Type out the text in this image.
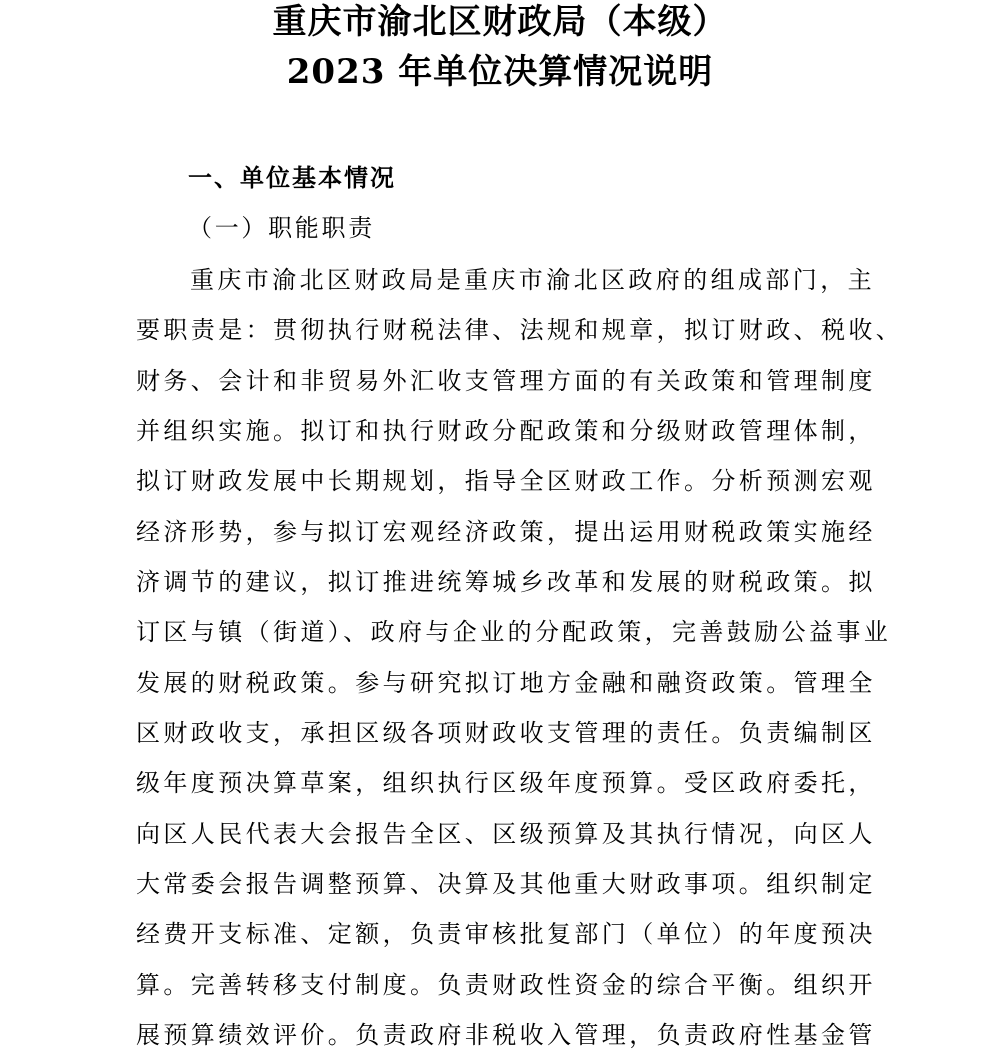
重庆市渝北区财政局（本级）
2023 年单位决算情况说明
一、单位基本情况
（一）职能职责
重庆市渝北区财政局是重庆市渝北区政府的组成部门，主
要职责是：贯彻执行财税法律、法规和规章，拟订财政、税收、
财务、会计和非贸易外汇收支管理方面的有关政策和管理制度
并组织实施。拟订和执行财政分配政策和分级财政管理体制，
拟订财政发展中长期规划，指导全区财政工作。分析预测宏观
经济形势，参与拟订宏观经济政策，提出运用财税政策实施经
济调节的建议，拟订推进统筹城乡改革和发展的财税政策。拟
订区与镇（街道）、政府与企业的分配政策，完善鼓励公益事业
发展的财税政策。参与研究拟订地方金融和融资政策。管理全
区财政收支，承担区级各项财政收支管理的责任。负责编制区
级年度预决算草案，组织执行区级年度预算。受区政府委托，
向区人民代表大会报告全区、区级预算及其执行情况，向区人
大常委会报告调整预算、决算及其他重大财政事项。组织制定
经费开支标准、定额，负责审核批复部门（单位）的年度预决
算。完善转移支付制度。负责财政性资金的综合平衡。组织开
展预算绩效评价。负责政府非税收入管理，负责政府性基金管
